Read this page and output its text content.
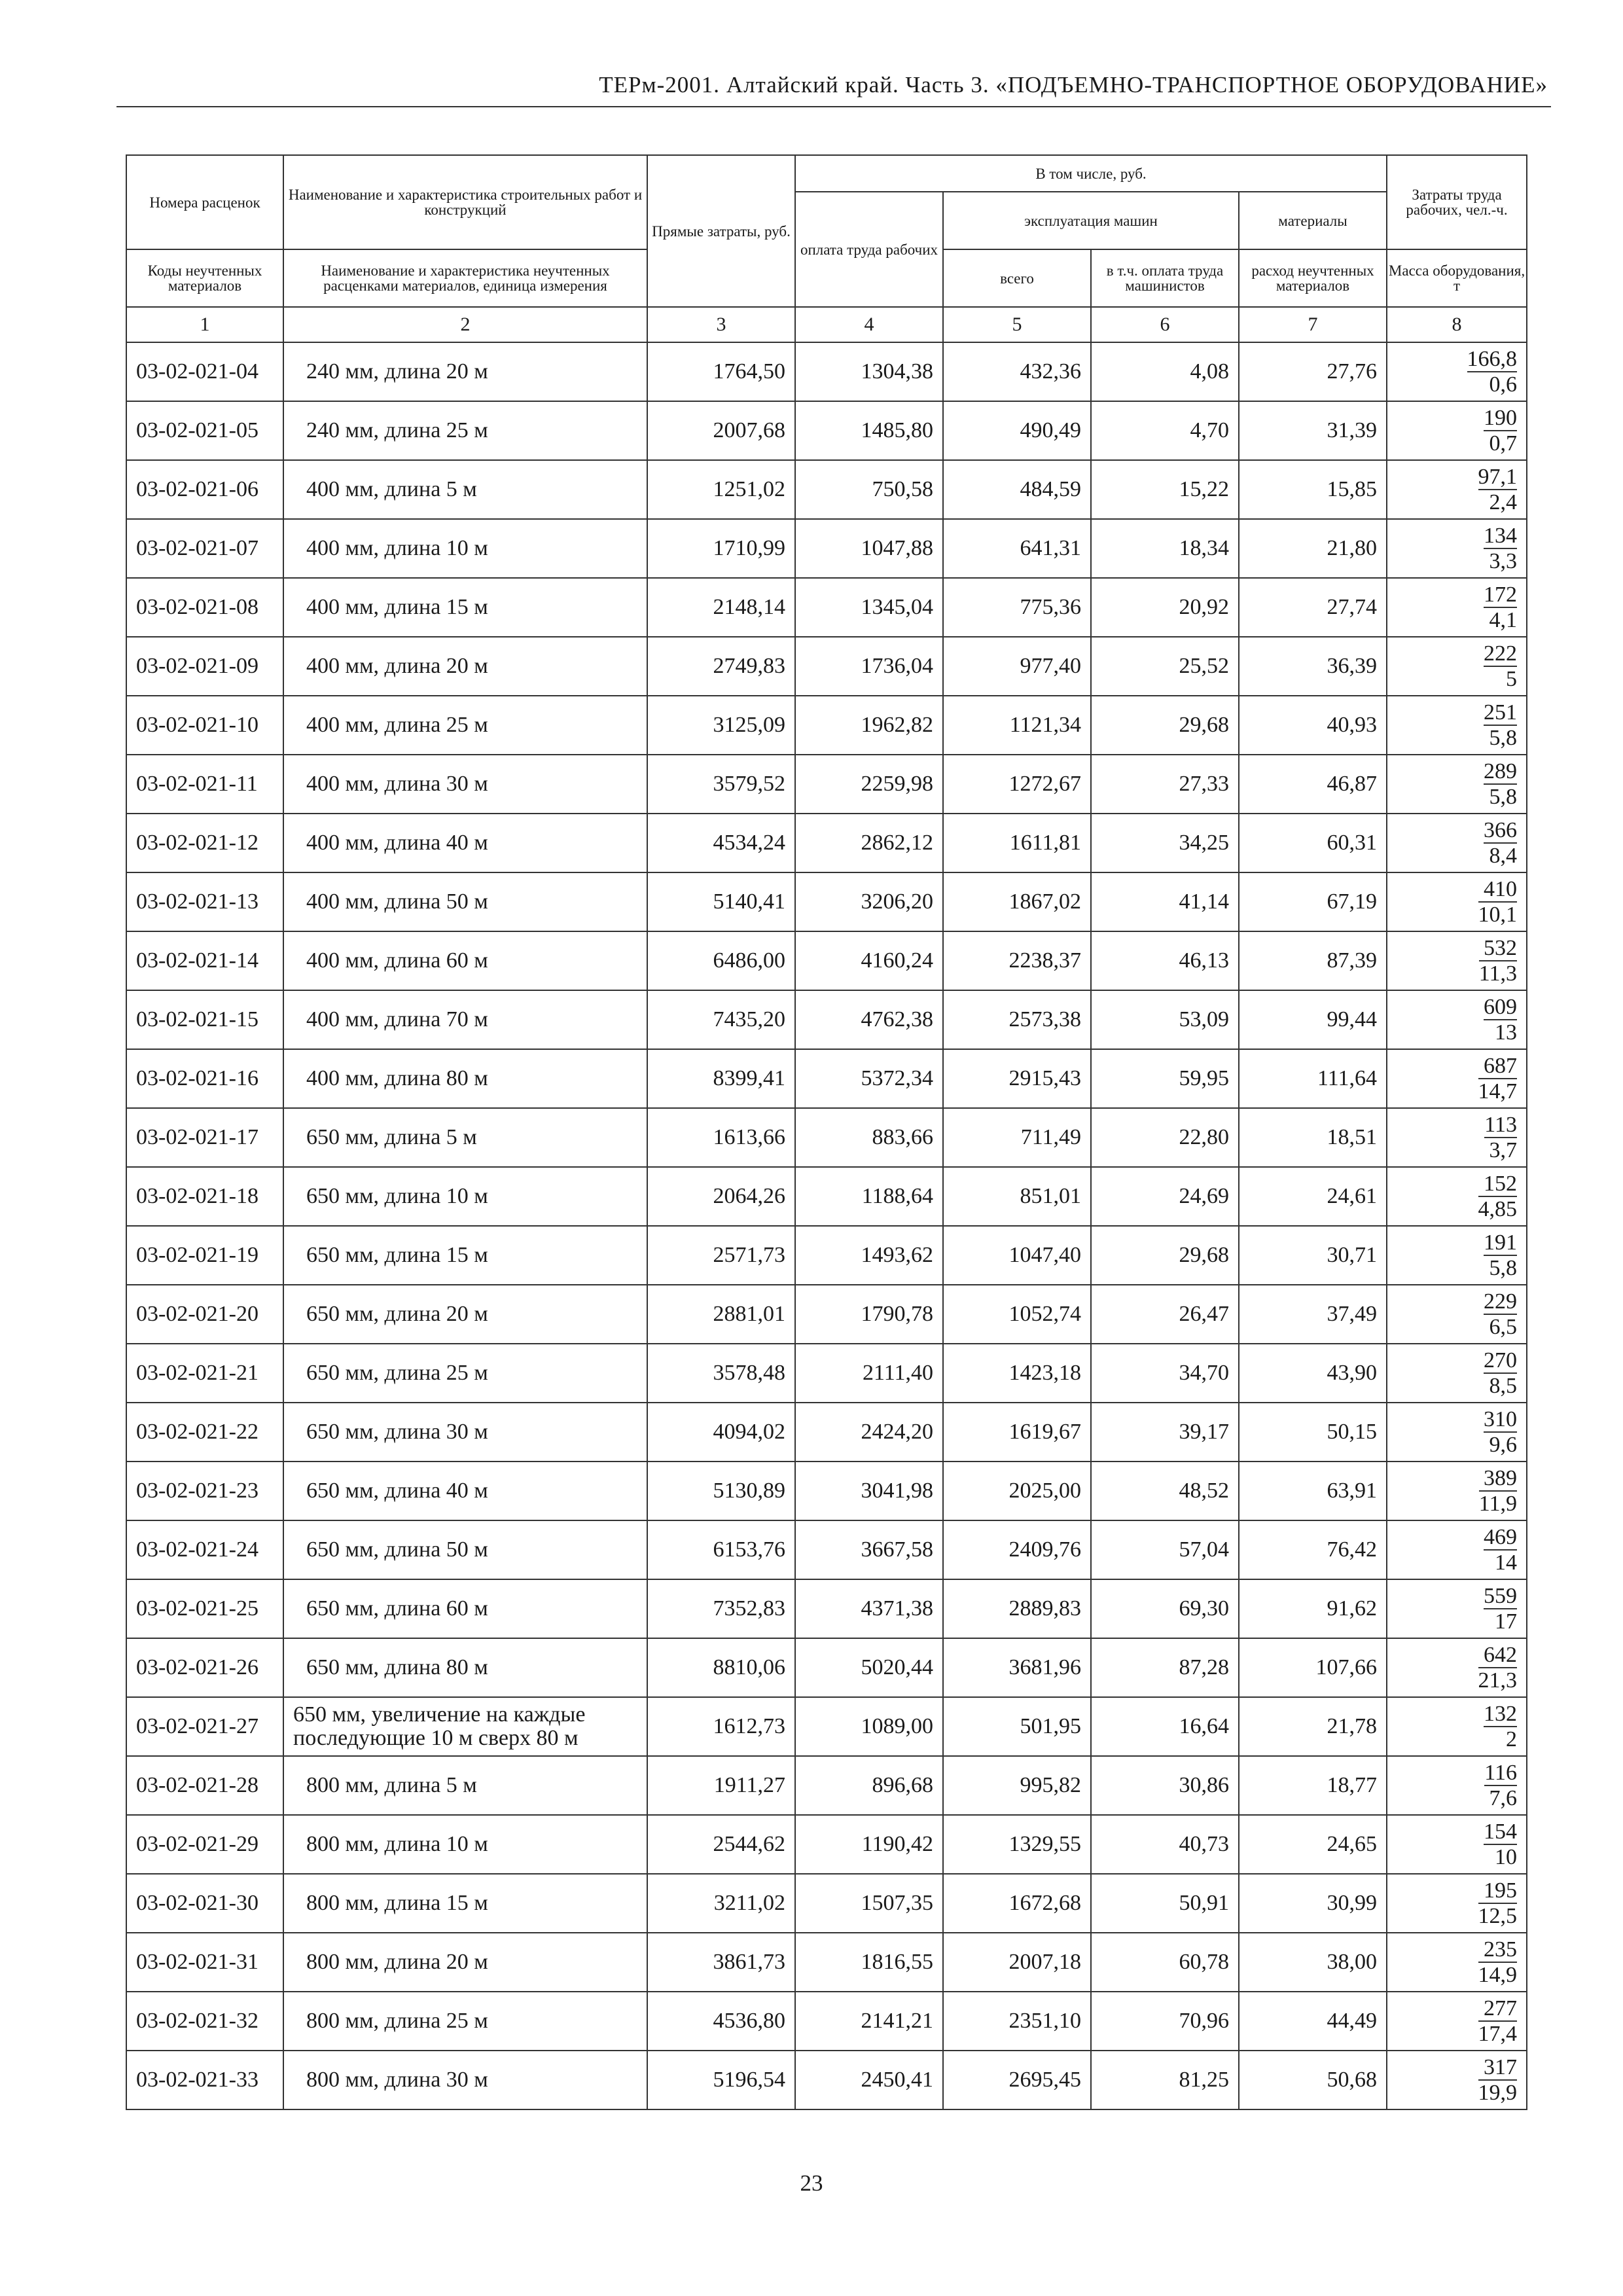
ТЕРм-2001. Алтайский край. Часть 3. «ПОДЪЕМНО-ТРАНСПОРТНОЕ ОБОРУДОВАНИЕ»
Номера расценок	Наименование и характеристика строительных работ и конструкций	Прямые затраты, руб.	В том числе, руб.				Затраты труда рабочих, чел.-ч.
			оплата труда рабочих	эксплуатация машин		материалы	
Коды неучтенных материалов	Наименование и характеристика неучтенных расценками материалов, единица измерения			всего	в т.ч. оплата труда машинистов	расход неучтенных материалов	Масса оборудования, т
1	2	3	4	5	6	7	8
03-02-021-04	240 мм, длина 20 м	1764,50	1304,38	432,36	4,08	27,76	$\frac{166,8}{0,6}$

03-02-021-05	240 мм, длина 25 м	2007,68	1485,80	490,49	4,70	31,39	$\frac{190}{0,7}$

03-02-021-06	400 мм, длина 5 м	1251,02	750,58	484,59	15,22	15,85	$\frac{97,1}{2,4}$

03-02-021-07	400 мм, длина 10 м	1710,99	1047,88	641,31	18,34	21,80	$\frac{134}{3,3}$

03-02-021-08	400 мм, длина 15 м	2148,14	1345,04	775,36	20,92	27,74	$\frac{172}{4,1}$

03-02-021-09	400 мм, длина 20 м	2749,83	1736,04	977,40	25,52	36,39	$\frac{222}{5}$

03-02-021-10	400 мм, длина 25 м	3125,09	1962,82	1121,34	29,68	40,93	$\frac{251}{5,8}$

03-02-021-11	400 мм, длина 30 м	3579,52	2259,98	1272,67	27,33	46,87	$\frac{289}{5,8}$

03-02-021-12	400 мм, длина 40 м	4534,24	2862,12	1611,81	34,25	60,31	$\frac{366}{8,4}$

03-02-021-13	400 мм, длина 50 м	5140,41	3206,20	1867,02	41,14	67,19	$\frac{410}{10,1}$

03-02-021-14	400 мм, длина 60 м	6486,00	4160,24	2238,37	46,13	87,39	$\frac{532}{11,3}$

03-02-021-15	400 мм, длина 70 м	7435,20	4762,38	2573,38	53,09	99,44	$\frac{609}{13}$

03-02-021-16	400 мм, длина 80 м	8399,41	5372,34	2915,43	59,95	111,64	$\frac{687}{14,7}$

03-02-021-17	650 мм, длина 5 м	1613,66	883,66	711,49	22,80	18,51	$\frac{113}{3,7}$

03-02-021-18	650 мм, длина 10 м	2064,26	1188,64	851,01	24,69	24,61	$\frac{152}{4,85}$

03-02-021-19	650 мм, длина 15 м	2571,73	1493,62	1047,40	29,68	30,71	$\frac{191}{5,8}$

03-02-021-20	650 мм, длина 20 м	2881,01	1790,78	1052,74	26,47	37,49	$\frac{229}{6,5}$

03-02-021-21	650 мм, длина 25 м	3578,48	2111,40	1423,18	34,70	43,90	$\frac{270}{8,5}$

03-02-021-22	650 мм, длина 30 м	4094,02	2424,20	1619,67	39,17	50,15	$\frac{310}{9,6}$

03-02-021-23	650 мм, длина 40 м	5130,89	3041,98	2025,00	48,52	63,91	$\frac{389}{11,9}$

03-02-021-24	650 мм, длина 50 м	6153,76	3667,58	2409,76	57,04	76,42	$\frac{469}{14}$

03-02-021-25	650 мм, длина 60 м	7352,83	4371,38	2889,83	69,30	91,62	$\frac{559}{17}$

03-02-021-26	650 мм, длина 80 м	8810,06	5020,44	3681,96	87,28	107,66	$\frac{642}{21,3}$

03-02-021-27	650 мм, увеличение на каждые последующие 10 м сверх 80 м	1612,73	1089,00	501,95	16,64	21,78	$\frac{132}{2}$

03-02-021-28	800 мм, длина 5 м	1911,27	896,68	995,82	30,86	18,77	$\frac{116}{7,6}$

03-02-021-29	800 мм, длина 10 м	2544,62	1190,42	1329,55	40,73	24,65	$\frac{154}{10}$

03-02-021-30	800 мм, длина 15 м	3211,02	1507,35	1672,68	50,91	30,99	$\frac{195}{12,5}$

03-02-021-31	800 мм, длина 20 м	3861,73	1816,55	2007,18	60,78	38,00	$\frac{235}{14,9}$

03-02-021-32	800 мм, длина 25 м	4536,80	2141,21	2351,10	70,96	44,49	$\frac{277}{17,4}$

03-02-021-33	800 мм, длина 30 м	5196,54	2450,41	2695,45	81,25	50,68	$\frac{317}{19,9}$
23
